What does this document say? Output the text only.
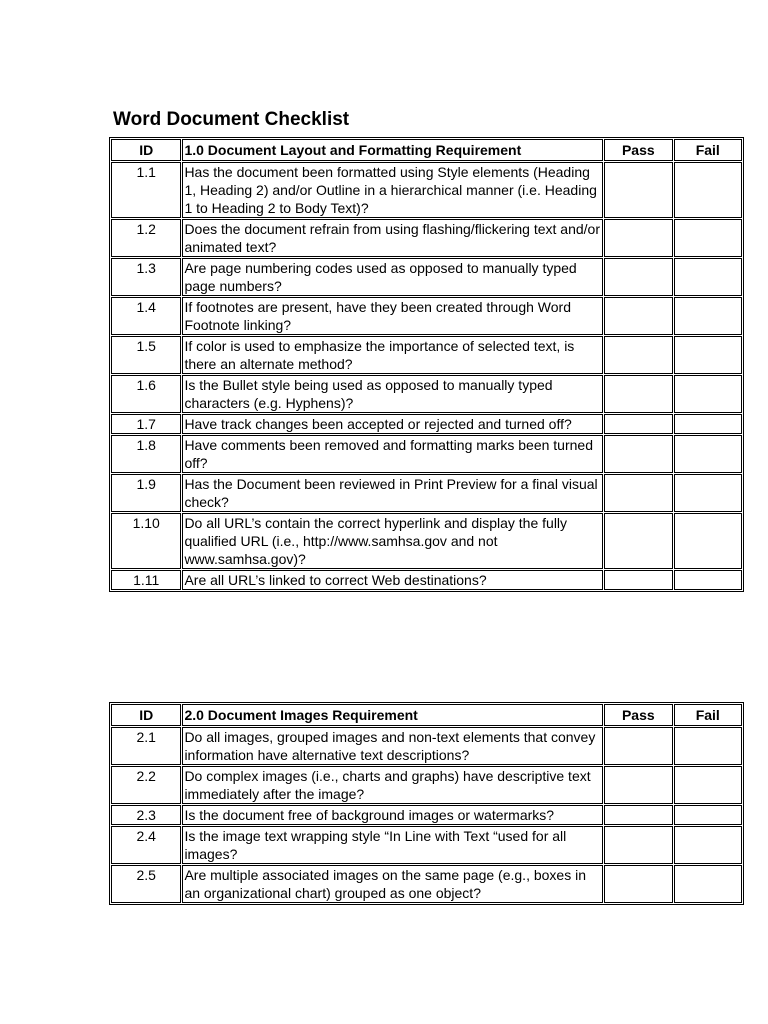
Word Document Checklist
ID	1.0 Document Layout and Formatting Requirement	Pass	Fail
1.1	Has the document been formatted using Style elements (Heading 1, Heading 2) and/or Outline in a hierarchical manner (i.e. Heading 1 to Heading 2 to Body Text)?		
1.2	Does the document refrain from using flashing/flickering text and/or animated text?		
1.3	Are page numbering codes used as opposed to manually typed page numbers?		
1.4	If footnotes are present, have they been created through Word Footnote linking?		
1.5	If color is used to emphasize the importance of selected text, is there an alternate method?		
1.6	Is the Bullet style being used as opposed to manually typed characters (e.g. Hyphens)?		
1.7	Have track changes been accepted or rejected and turned off?		
1.8	Have comments been removed and formatting marks been turned off?		
1.9	Has the Document been reviewed in Print Preview for a final visual check?		
1.10	Do all URL’s contain the correct hyperlink and display the fully qualified URL (i.e., http://www.samhsa.gov and not www.samhsa.gov)?		
1.11	Are all URL’s linked to correct Web destinations?		
ID	2.0 Document Images Requirement	Pass	Fail
2.1	Do all images, grouped images and non-text elements that convey information have alternative text descriptions?		
2.2	Do complex images (i.e., charts and graphs) have descriptive text immediately after the image?		
2.3	Is the document free of background images or watermarks?		
2.4	Is the image text wrapping style “In Line with Text “used for all images?		
2.5	Are multiple associated images on the same page (e.g., boxes in an organizational chart) grouped as one object?		
